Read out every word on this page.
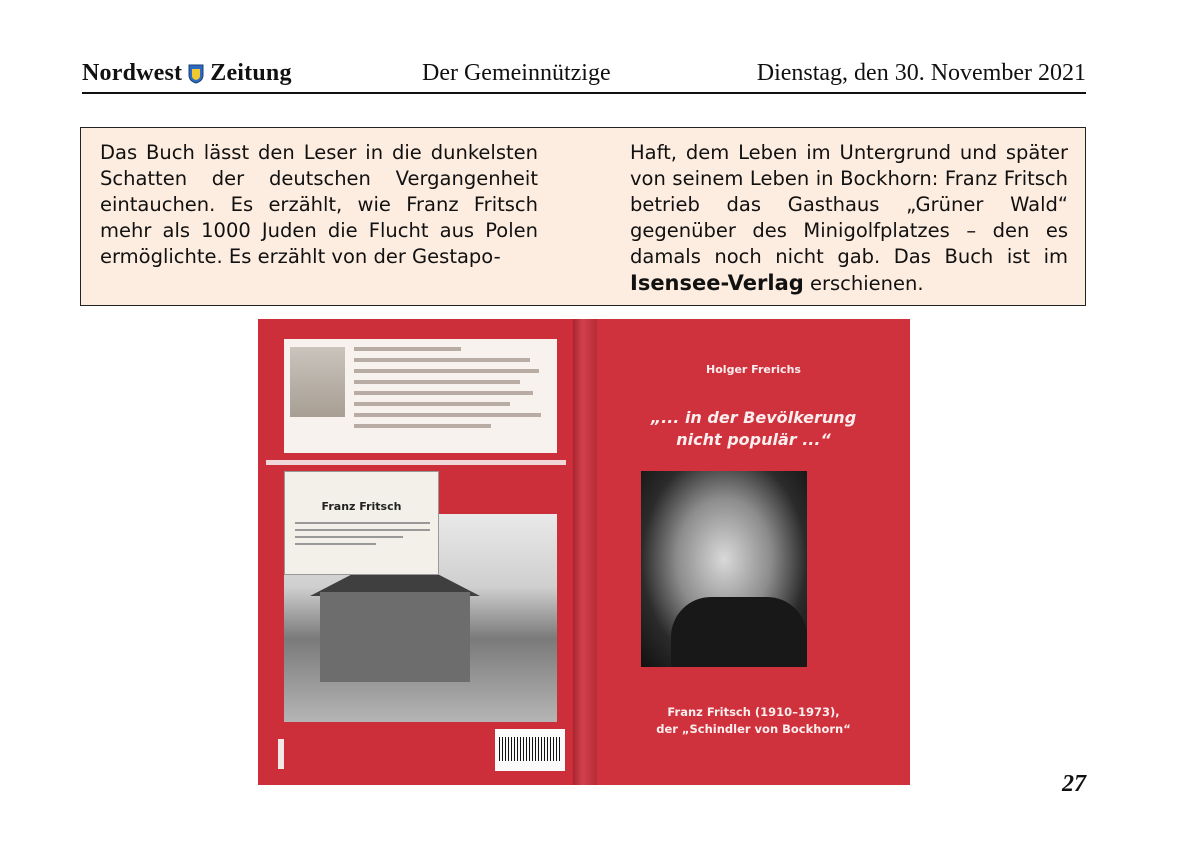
Nordwest Zeitung	Der Gemeinnützige	Dienstag, den 30. November 2021
Das Buch lässt den Leser in die dunkelsten Schatten der deutschen Vergangenheit eintauchen. Es erzählt, wie Franz Fritsch mehr als 1000 Juden die Flucht aus Polen ermöglichte. Es erzählt von der Gestapo-
Haft, dem Leben im Untergrund und später von seinem Leben in Bockhorn: Franz Fritsch betrieb das Gasthaus „Grüner Wald“ gegenüber des Minigolfplatzes – den es damals noch nicht gab. Das Buch ist im Isensee-Verlag erschienen.
Franz Fritsch
Holger Frerichs
„... in der Bevölkerung
nicht populär ...“
Franz Fritsch (1910–1973),
der „Schindler von Bockhorn“
27
